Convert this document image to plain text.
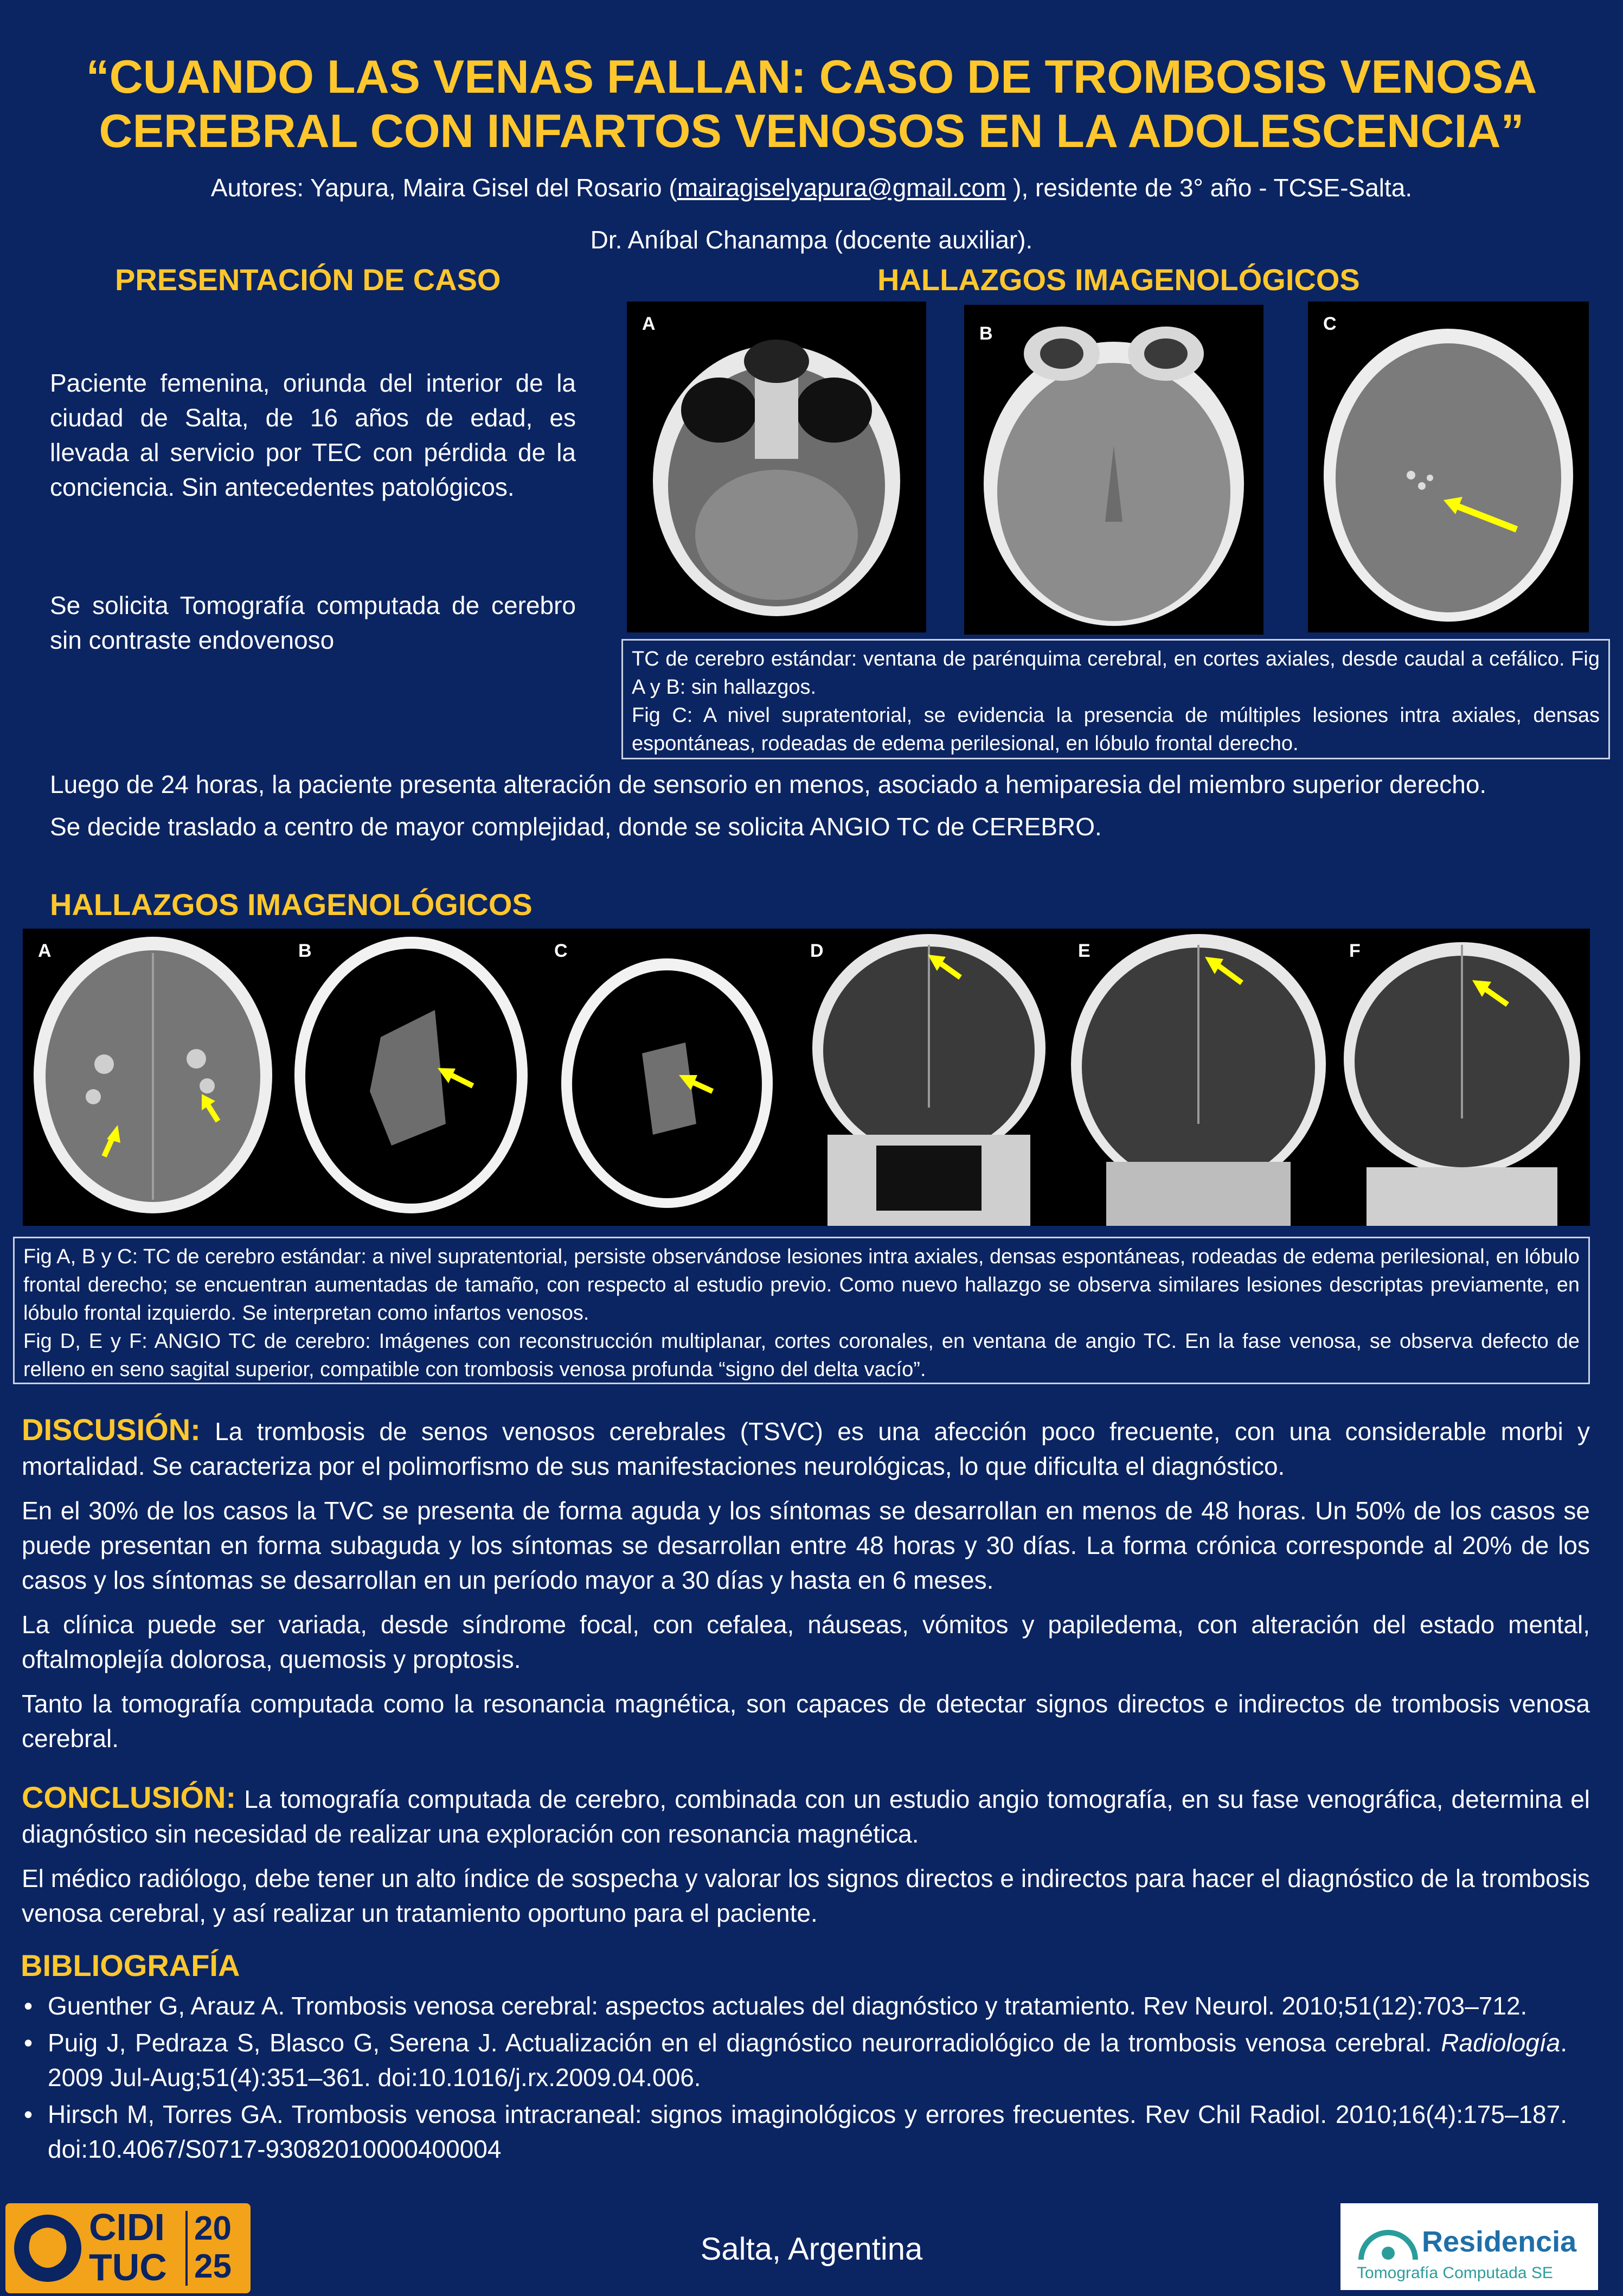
“CUANDO LAS VENAS FALLAN: CASO DE TROMBOSIS VENOSA CEREBRAL CON INFARTOS VENOSOS EN LA ADOLESCENCIA”
Autores: Yapura, Maira Gisel del Rosario (mairagiselyapura@gmail.com ), residente de 3° año - TCSE-Salta.
Dr. Aníbal Chanampa (docente auxiliar).
PRESENTACIÓN DE CASO
Paciente femenina, oriunda del interior de la ciudad de Salta, de 16 años de edad, es llevada al servicio por TEC con pérdida de la conciencia. Sin antecedentes patológicos.
Se solicita Tomografía computada de cerebro sin contraste endovenoso
HALLAZGOS IMAGENOLÓGICOS
A	B	C

TC de cerebro estándar: ventana de parénquima cerebral, en cortes axiales, desde caudal a cefálico. Fig A y B: sin hallazgos.

Fig C: A nivel supratentorial, se evidencia la presencia de múltiples lesiones intra axiales, densas espontáneas, rodeadas de edema perilesional, en lóbulo frontal derecho.

Luego de 24 horas, la paciente presenta alteración de sensorio en menos, asociado a hemiparesia del miembro superior derecho.

Se decide traslado a centro de mayor complejidad, donde se solicita ANGIO TC de CEREBRO.

HALLAZGOS IMAGENOLÓGICOS
A	B	C	D	E	F

Fig A, B y C: TC de cerebro estándar: a nivel supratentorial, persiste observándose lesiones intra axiales, densas espontáneas, rodeadas de edema perilesional, en lóbulo frontal derecho; se encuentran aumentadas de tamaño, con respecto al estudio previo. Como nuevo hallazgo se observa similares lesiones descriptas previamente, en lóbulo frontal izquierdo. Se interpretan como infartos venosos.

Fig D, E y F: ANGIO TC de cerebro: Imágenes con reconstrucción multiplanar, cortes coronales, en ventana de angio TC. En la fase venosa, se observa defecto de relleno en seno sagital superior, compatible con trombosis venosa profunda “signo del delta vacío”.

DISCUSIÓN: La trombosis de senos venosos cerebrales (TSVC) es una afección poco frecuente, con una considerable morbi y mortalidad. Se caracteriza por el polimorfismo de sus manifestaciones neurológicas, lo que dificulta el diagnóstico.

En el 30% de los casos la TVC se presenta de forma aguda y los síntomas se desarrollan en menos de 48 horas. Un 50% de los casos se puede presentan en forma subaguda y los síntomas se desarrollan entre 48 horas y 30 días. La forma crónica corresponde al 20% de los casos y los síntomas se desarrollan en un período mayor a 30 días y hasta en 6 meses.

La clínica puede ser variada, desde síndrome focal, con cefalea, náuseas, vómitos y papiledema, con alteración del estado mental, oftalmoplejía dolorosa, quemosis y proptosis.

Tanto la tomografía computada como la resonancia magnética, son capaces de detectar signos directos e indirectos de trombosis venosa cerebral.

CONCLUSIÓN: La tomografía computada de cerebro, combinada con un estudio angio tomografía, en su fase venográfica, determina el diagnóstico sin necesidad de realizar una exploración con resonancia magnética.

El médico radiólogo, debe tener un alto índice de sospecha y valorar los signos directos e indirectos para hacer el diagnóstico de la trombosis venosa cerebral, y así realizar un tratamiento oportuno para el paciente.

BIBLIOGRAFÍA
• Guenther G, Arauz A. Trombosis venosa cerebral: aspectos actuales del diagnóstico y tratamiento. Rev Neurol. 2010;51(12):703–712.
• Puig J, Pedraza S, Blasco G, Serena J. Actualización en el diagnóstico neurorradiológico de la trombosis venosa cerebral. Radiología. 2009 Jul-Aug;51(4):351–361. doi:10.1016/j.rx.2009.04.006.
• Hirsch M, Torres GA. Trombosis venosa intracraneal: signos imaginológicos y errores frecuentes. Rev Chil Radiol. 2010;16(4):175–187. doi:10.4067/S0717-93082010000400004
CIDI
TUC
20
25	Salta, Argentina	Residencia
Tomografía Computada SE
